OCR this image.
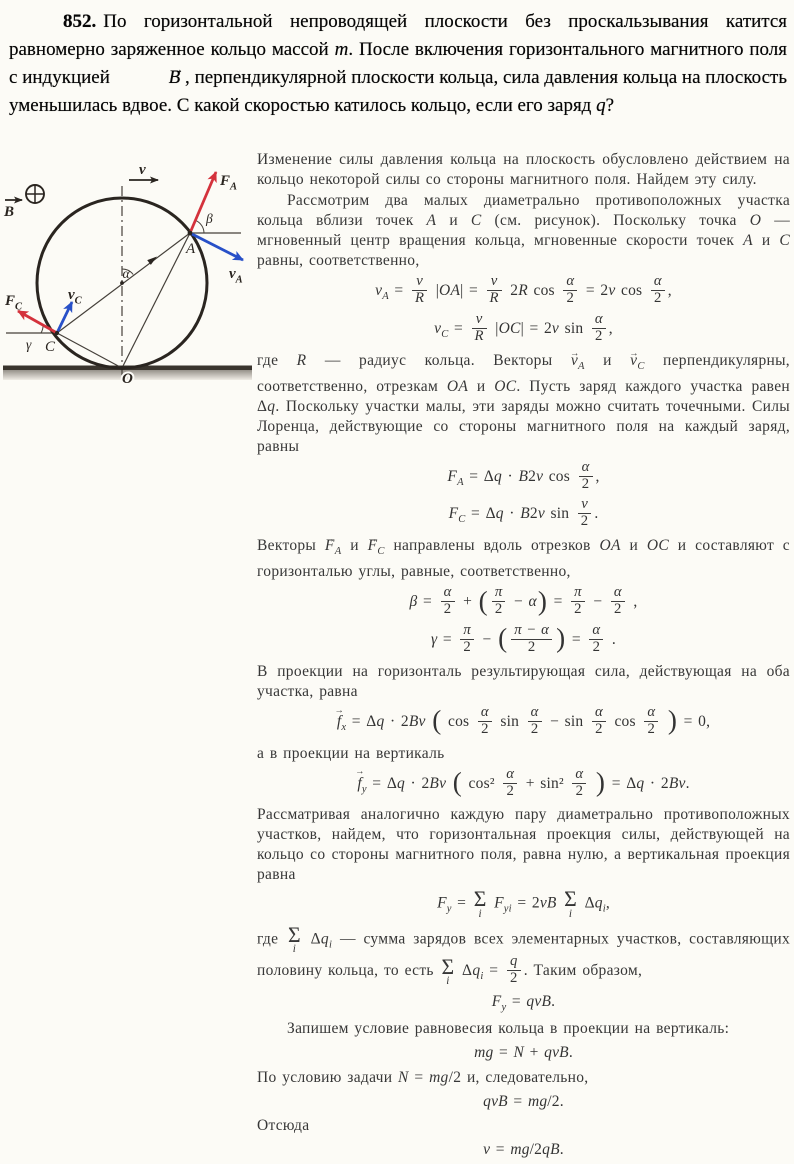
852. По горизонтальной непроводящей плоскости без проскальзывания катится равномерно заряженное кольцо массой m. После включения горизонтального магнитного поля с индукцией	→ B , перпендикулярной плоскости кольца, сила давления кольца на плоскость уменьшилась вдвое. С какой скоростью катилось кольцо, если его заряд q?

B
v
$F_A$
β
A
$v_A$
α
$F_C$
$v_C$
γ C
O

Изменение силы давления кольца на плоскость обусловлено действием на кольцо некоторой силы со стороны магнитного поля. Найдем эту силу.

Рассмотрим два малых диаметрально противоположных участка кольца вблизи точек A и C (см. рисунок). Поскольку точка O — мгновенный центр вращения кольца, мгновенные скорости точек A и C равны, соответственно,

$v_A = \frac{v}{R} |OA| = \frac{v}{R} 2R$ $\cos \frac{\alpha}{2} = 2v$ $\cos \frac{\alpha}{2}$ ,
$v_C = \frac{v}{R} |OC| = 2v$ $\sin \frac{\alpha}{2}$ ,

где R — радиус кольца. Векторы → $v_A$ $и \to v_C$ перпендикулярны, соответственно, отрезкам OA и OC. Пусть заряд каждого участка равен Δq. Поскольку участки малы, эти заряды можно считать точечными. Силы Лоренца, действующие со стороны магнитного поля на каждый заряд, равны

$F_A = \Delta q \cdot B2v$ $\cos \frac{\alpha}{2}$ ,
$F_C = \Delta q \cdot B2v$ $\sin \frac{v}{2}$ .

Векторы → $F_A$ $и \to F_C$ направлены вдоль отрезков OA и OC и составляют с горизонталью углы, равные, соответственно,

$\beta = \frac{\alpha}{2}$ + ( $\frac{\pi}{2} - \alpha) = \frac{\pi}{2} - \frac{\alpha}{2}$ ,
$\gamma = \frac{\pi}{2}$ − ( $\frac{\pi - \alpha}{2}$ ) = $\frac{\alpha}{2}$ .

В проекции на горизонталь результирующая сила, действующая на оба участка, равна

→ $f_x = \Delta q \cdot 2Bv$ ( $\cos \frac{\alpha}{2}$ $\sin \frac{\alpha}{2} - \sin \frac{\alpha}{2}$ $\cos \frac{\alpha}{2}$ ) = 0,

а в проекции на вертикаль

→ $f_y = \Delta q \cdot 2Bv$ ( $\cos^2 \frac{\alpha}{2} + \sin^2 \frac{\alpha}{2}$ ) = Δq · 2Bv.

Рассматривая аналогично каждую пару диаметрально противоположных участков, найдем, что горизонтальная проекция силы, действующей на кольцо со стороны магнитного поля, равна нулю, а вертикальная проекция равна

$F_y = \Sigma$
i
$F_{yi} = 2vB$ Σ
i
$\Delta q_i$,

где Σ
i
$\Delta q_i$ — сумма зарядов всех элементарных участков, составляющих половину кольца, то есть Σ
i
$\Delta q_i = \frac{q}{2}$ . Таким образом,

$F_y$ = qvB.

Запишем условие равновесия кольца в проекции на вертикаль:

mg = N + qvB.

По условию задачи N = mg/2 и, следовательно,

qvB = mg/2.

Отсюда

v = mg/2qB.
